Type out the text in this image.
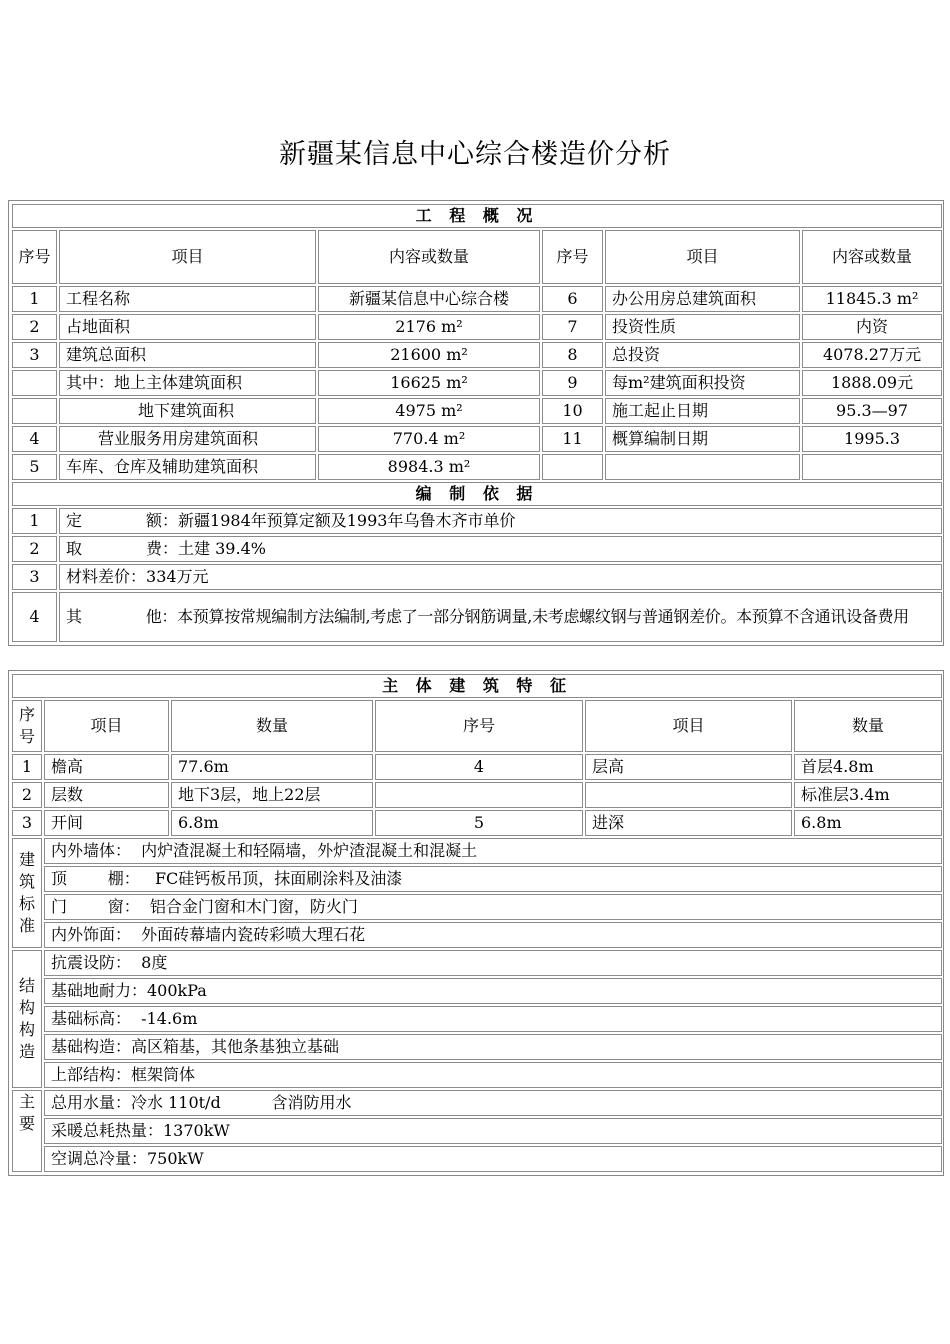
新疆某信息中心综合楼造价分析
工 程 概 况					
序号	项目	内容或数量	序号	项目	内容或数量
1	工程名称	新疆某信息中心综合楼	6	办公用房总建筑面积	11845.3 m²
2	占地面积	2176 m²	7	投资性质	内资
3	建筑总面积	21600 m²	8	总投资	4078.27万元
	其中：地上主体建筑面积	16625 m²	9	每m²建筑面积投资	1888.09元
	地下建筑面积	4975 m²	10	施工起止日期	95.3—97
4	营业服务用房建筑面积	770.4 m²	11	概算编制日期	1995.3
5	车库、仓库及辅助建筑面积	8984.3 m²			
编 制 依 据					
1	定 额：新疆1984年预算定额及1993年乌鲁木齐市单价				
2	取 费：土建 39.4%				
3	材料差价：334万元				
4	其 他：本预算按常规编制方法编制,考虑了一部分钢筋调量,未考虑螺纹钢与普通钢差价。本预算不含通讯设备费用				
主 体 建 筑 特 征					
序号	项目	数量	序号	项目	数量
1	檐高	77.6m	4	层高	首层4.8m
2	层数	地下3层，地上22层			标准层3.4m
3	开间	6.8m	5	进深	6.8m
建筑标准	内外墙体：  内炉渣混凝土和轻隔墙，外炉渣混凝土和混凝土				
	顶        棚：   FC硅钙板吊顶，抹面刷涂料及油漆				
	门        窗：  铝合金门窗和木门窗，防火门				
	内外饰面：  外面砖幕墙内瓷砖彩喷大理石花				
结构构造	抗震设防：  8度				
	基础地耐力：400kPa				
	基础标高：  -14.6m				
	基础构造：高区箱基，其他条基独立基础				
	上部结构：框架筒体				
主要	总用水量：冷水 110t/d          含消防用水				
	采暖总耗热量：1370kW				
	空调总冷量：750kW				
